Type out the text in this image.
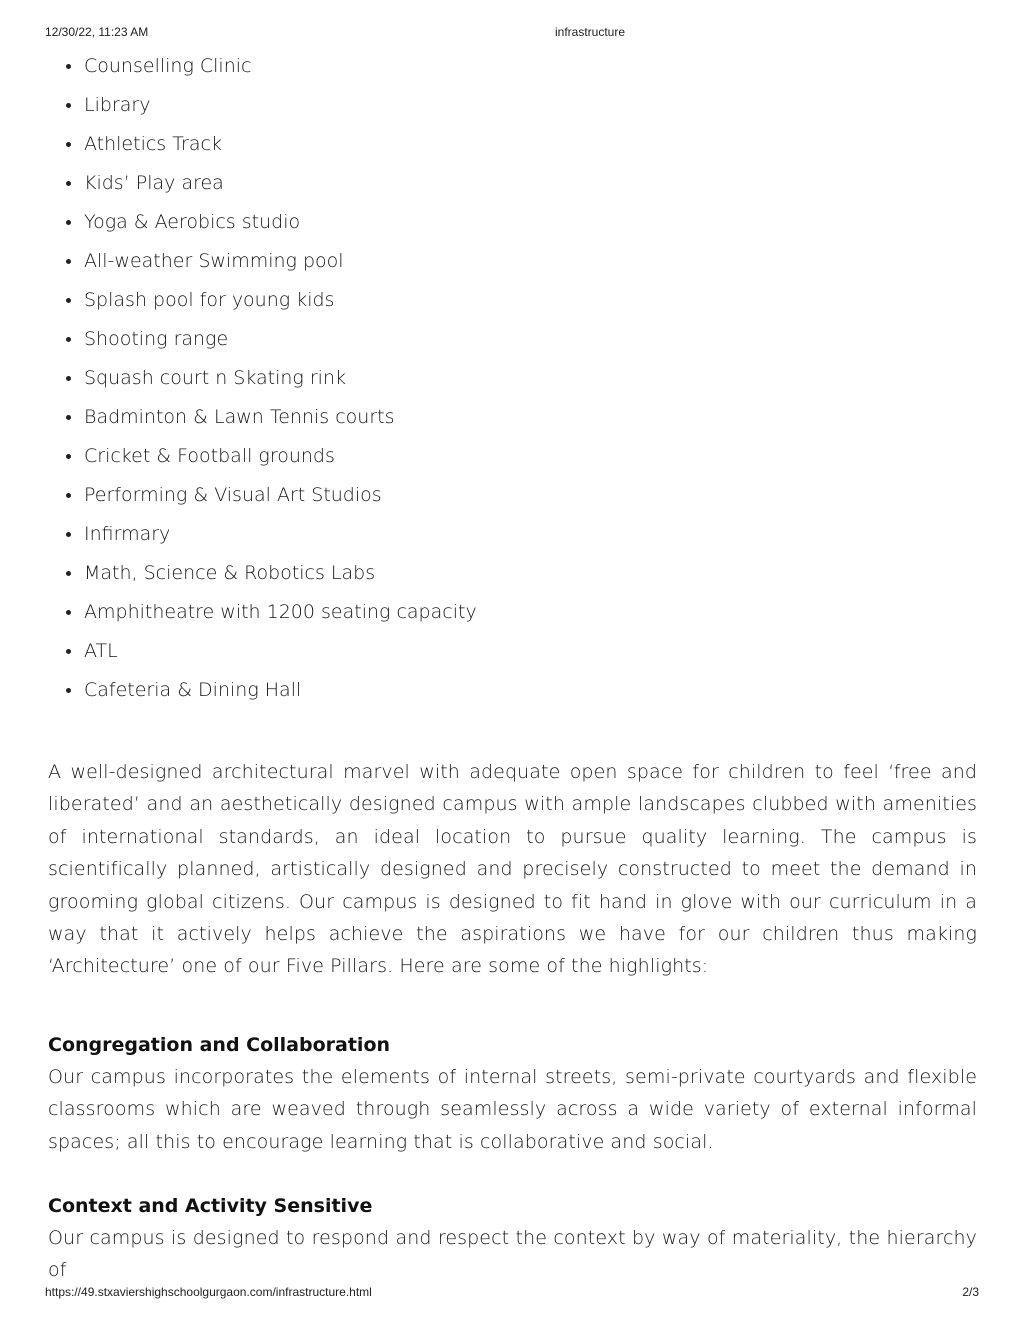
12/30/22, 11:23 AM	infrastructure
Counselling Clinic
Library
Athletics Track
Kids’ Play area
Yoga & Aerobics studio
All-weather Swimming pool
Splash pool for young kids
Shooting range
Squash court n Skating rink
Badminton & Lawn Tennis courts
Cricket & Football grounds
Performing & Visual Art Studios
Infirmary
Math, Science & Robotics Labs
Amphitheatre with 1200 seating capacity
ATL
Cafeteria & Dining Hall

A well-designed architectural marvel with adequate open space for children to feel ‘free and liberated’ and an aesthetically designed campus with ample landscapes clubbed with amenities of international standards, an ideal location to pursue quality learning. The campus is scientifically planned, artistically designed and precisely constructed to meet the demand in grooming global citizens. Our campus is designed to fit hand in glove with our curriculum in a way that it actively helps achieve the aspirations we have for our children thus making ‘Architecture’ one of our Five Pillars. Here are some of the highlights:

Congregation and Collaboration

Our campus incorporates the elements of internal streets, semi-private courtyards and flexible classrooms which are weaved through seamlessly across a wide variety of external informal spaces; all this to encourage learning that is collaborative and social.

Context and Activity Sensitive

Our campus is designed to respond and respect the context by way of materiality, the hierarchy of

https://49.stxaviershighschoolgurgaon.com/infrastructure.html	2/3
